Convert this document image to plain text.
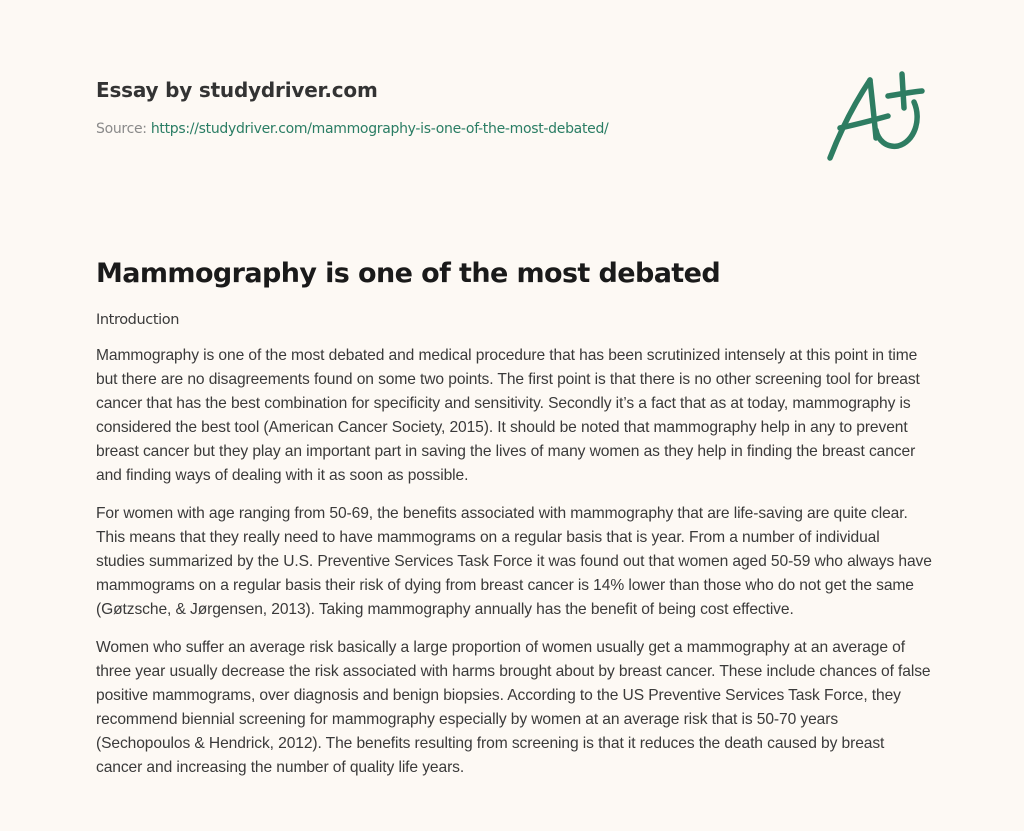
Essay by studydriver.com
Source: https://studydriver.com/mammography-is-one-of-the-most-debated/
Mammography is one of the most debated
Introduction

Mammography is one of the most debated and medical procedure that has been scrutinized intensely at this point in time but there are no disagreements found on some two points. The first point is that there is no other screening tool for breast cancer that has the best combination for specificity and sensitivity. Secondly it’s a fact that as at today, mammography is considered the best tool (American Cancer Society, 2015). It should be noted that mammography help in any to prevent breast cancer but they play an important part in saving the lives of many women as they help in finding the breast cancer and finding ways of dealing with it as soon as possible.

For women with age ranging from 50-69, the benefits associated with mammography that are life-saving are quite clear. This means that they really need to have mammograms on a regular basis that is year. From a number of individual studies summarized by the U.S. Preventive Services Task Force it was found out that women aged 50-59 who always have mammograms on a regular basis their risk of dying from breast cancer is 14% lower than those who do not get the same (Gøtzsche, & Jørgensen, 2013). Taking mammography annually has the benefit of being cost effective.

Women who suffer an average risk basically a large proportion of women usually get a mammography at an average of three year usually decrease the risk associated with harms brought about by breast cancer. These include chances of false positive mammograms, over diagnosis and benign biopsies. According to the US Preventive Services Task Force, they recommend biennial screening for mammography especially by women at an average risk that is 50-70 years (Sechopoulos & Hendrick, 2012). The benefits resulting from screening is that it reduces the death caused by breast cancer and increasing the number of quality life years.
